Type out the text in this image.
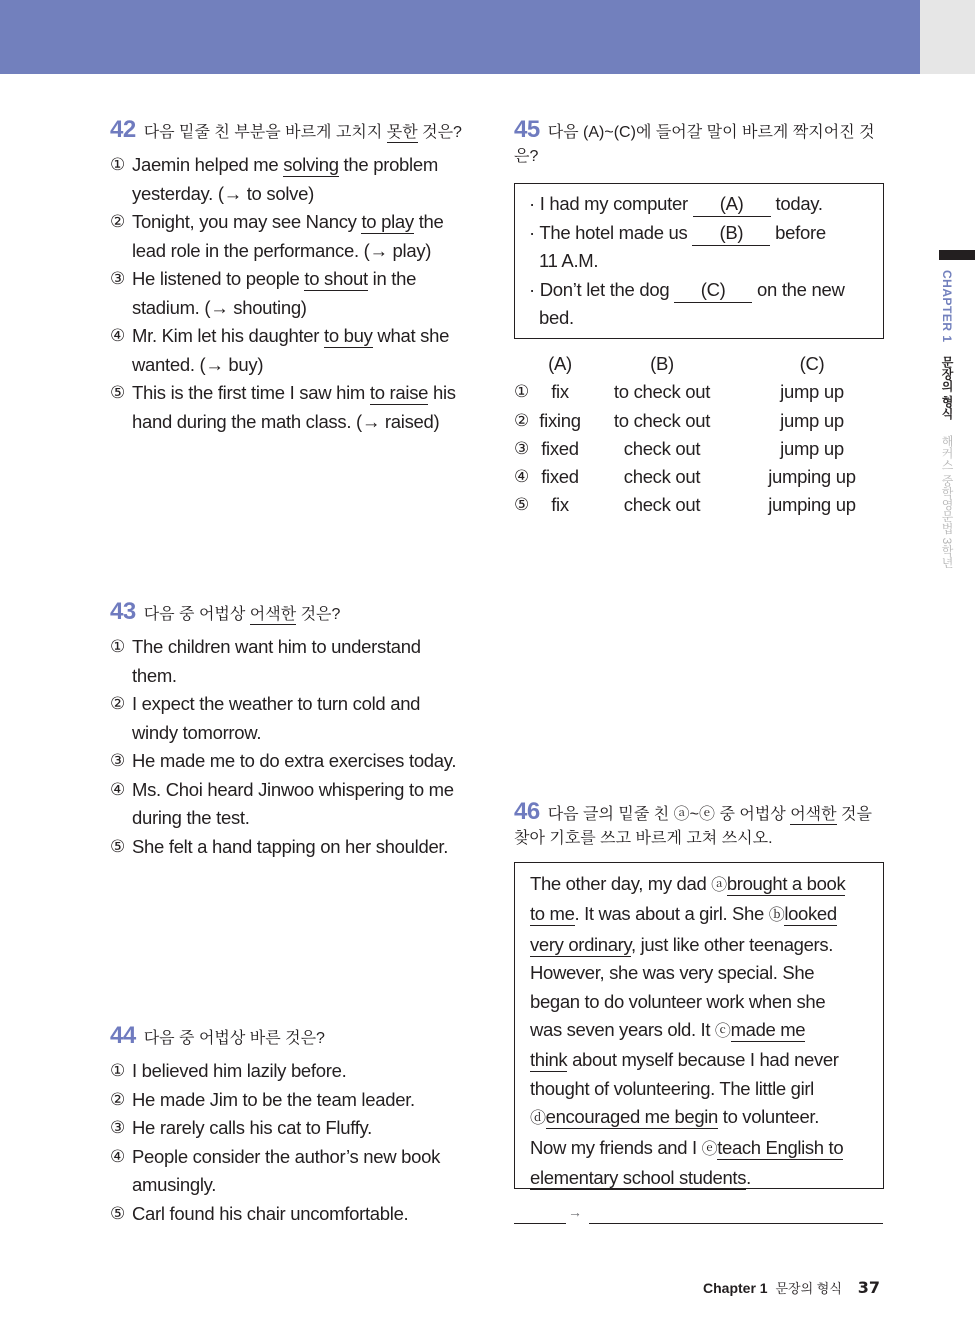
CHAPTER 1 문장의 형식 해커스 중학영문법 3학년
42 다음 밑줄 친 부분을 바르게 고치지 못한 것은?
① Jaemin helped me solving the problem
yesterday. (→ to solve)
② Tonight, you may see Nancy to play the
lead role in the performance. (→ play)
③ He listened to people to shout in the
stadium. (→ shouting)
④ Mr. Kim let his daughter to buy what she
wanted. (→ buy)
⑤ This is the first time I saw him to raise his
hand during the math class. (→ raised)
43 다음 중 어법상 어색한 것은?
① The children want him to understand
them.
② I expect the weather to turn cold and
windy tomorrow.
③ He made me to do extra exercises today.
④ Ms. Choi heard Jinwoo whispering to me
during the test.
⑤ She felt a hand tapping on her shoulder.
44 다음 중 어법상 바른 것은?
① I believed him lazily before.
② He made Jim to be the team leader.
③ He rarely calls his cat to Fluffy.
④ People consider the author’s new book
amusingly.
⑤ Carl found his chair uncomfortable.
45 다음 (A)~(C)에 들어갈 말이 바르게 짝지어진 것
은?
· I had my computer (A) today.
· The hotel made us (B) before
11 A.M.
· Don’t let the dog (C) on the new
bed.
(A)	(B)	(C)
①	fix	to check out	jump up
② fixing	to check out	jump up
③ fixed	check out	jump up
④ fixed	check out	jumping up
⑤	fix	check out	jumping up
46 다음 글의 밑줄 친 ⓐ~ⓔ 중 어법상 어색한 것을
찾아 기호를 쓰고 바르게 고쳐 쓰시오.
The other day, my dad ⓐbrought a book
to me. It was about a girl. She ⓑlooked
very ordinary, just like other teenagers.
However, she was very special. She
began to do volunteer work when she
was seven years old. It ⓒmade me
think about myself because I had never
thought of volunteering. The little girl
ⓓencouraged me begin to volunteer.
Now my friends and I ⓔteach English to
elementary school students.
→
Chapter 1 문장의 형식 37
